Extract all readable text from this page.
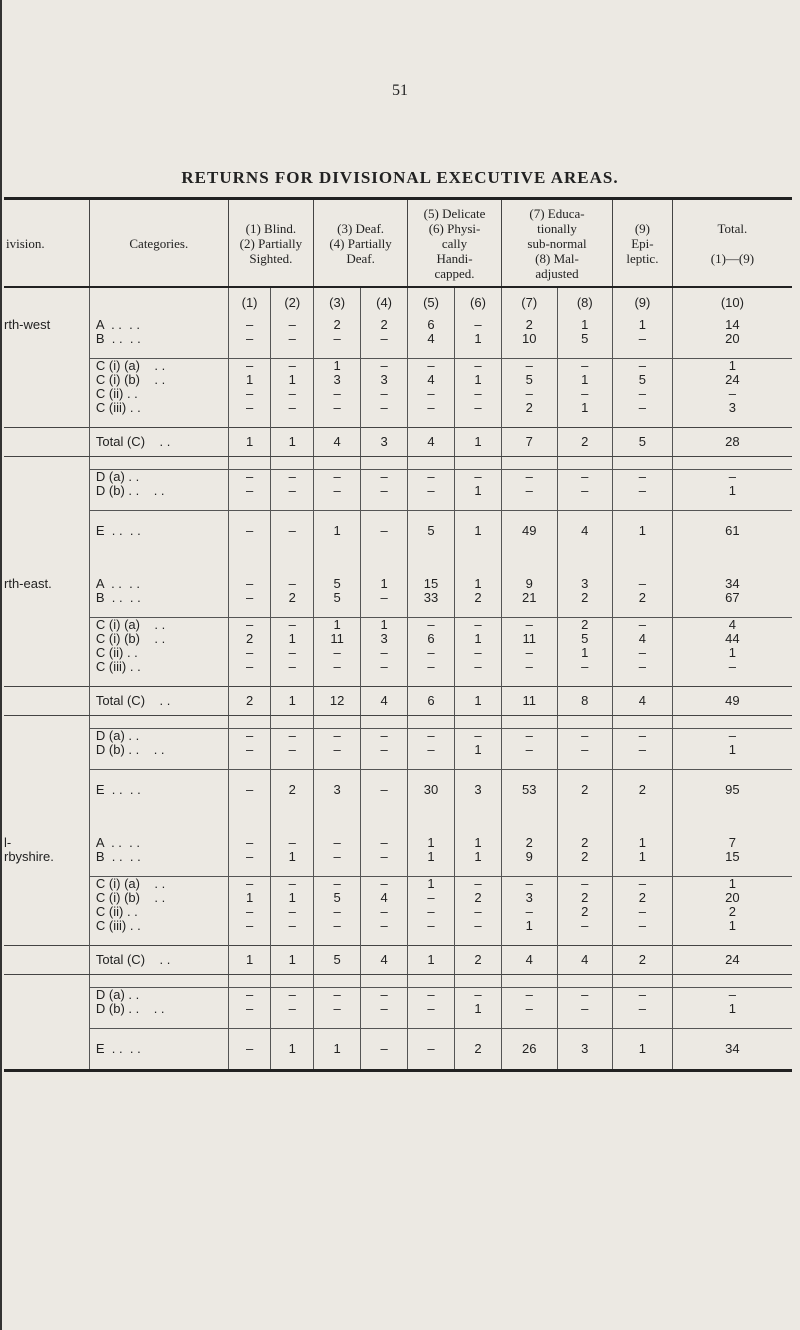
51
RETURNS FOR DIVISIONAL EXECUTIVE AREAS.
ivision.	Categories.	(1) Blind.
(2) Partially
Sighted.		(3) Deaf.
(4) Partially
Deaf.		(5) Delicate
(6) Physi-
cally
Handi-
capped.		(7) Educa-
tionally
sub-normal
(8) Mal-
adjusted		(9)
Epi-
leptic.	Total.

(1)—(9)
		(1)	(2)	(3)	(4)	(5)	(6)	(7)	(8)	(9)	(10)
rth-west	A  . .  . .	–	–	2	2	6	–	2	1	1	14
	B  . .  . .	–	–	–	–	4	1	10	5	–	20

	C (i) (a)    . .	–	–	1	–	–	–	–	–	–	1
	C (i) (b)    . .	1	1	3	3	4	1	5	1	5	24
	C (ii) . .	–	–	–	–	–	–	–	–	–	–
	C (iii) . .	–	–	–	–	–	–	2	1	–	3

	Total (C)    . .	1	1	4	3	4	1	7	2	5	28

	D (a) . .	–	–	–	–	–	–	–	–	–	–
	D (b) . .    . .	–	–	–	–	–	1	–	–	–	1

	E  . .  . .	–	–	1	–	5	1	49	4	1	61

rth-east.	A  . .  . .	–	–	5	1	15	1	9	3	–	34
	B  . .  . .	–	2	5	–	33	2	21	2	2	67

	C (i) (a)    . .	–	–	1	1	–	–	–	2	–	4
	C (i) (b)    . .	2	1	11	3	6	1	11	5	4	44
	C (ii) . .	–	–	–	–	–	–	–	1	–	1
	C (iii) . .	–	–	–	–	–	–	–	–	–	–

	Total (C)    . .	2	1	12	4	6	1	11	8	4	49

	D (a) . .	–	–	–	–	–	–	–	–	–	–
	D (b) . .    . .	–	–	–	–	–	1	–	–	–	1

	E  . .  . .	–	2	3	–	30	3	53	2	2	95

l-	A  . .  . .	–	–	–	–	1	1	2	2	1	7
rbyshire.	B  . .  . .	–	1	–	–	1	1	9	2	1	15

	C (i) (a)    . .	–	–	–	–	1	–	–	–	–	1
	C (i) (b)    . .	1	1	5	4	–	2	3	2	2	20
	C (ii) . .	–	–	–	–	–	–	–	2	–	2
	C (iii) . .	–	–	–	–	–	–	1	–	–	1

	Total (C)    . .	1	1	5	4	1	2	4	4	2	24

	D (a) . .	–	–	–	–	–	–	–	–	–	–
	D (b) . .    . .	–	–	–	–	–	1	–	–	–	1

	E  . .  . .	–	1	1	–	–	2	26	3	1	34
